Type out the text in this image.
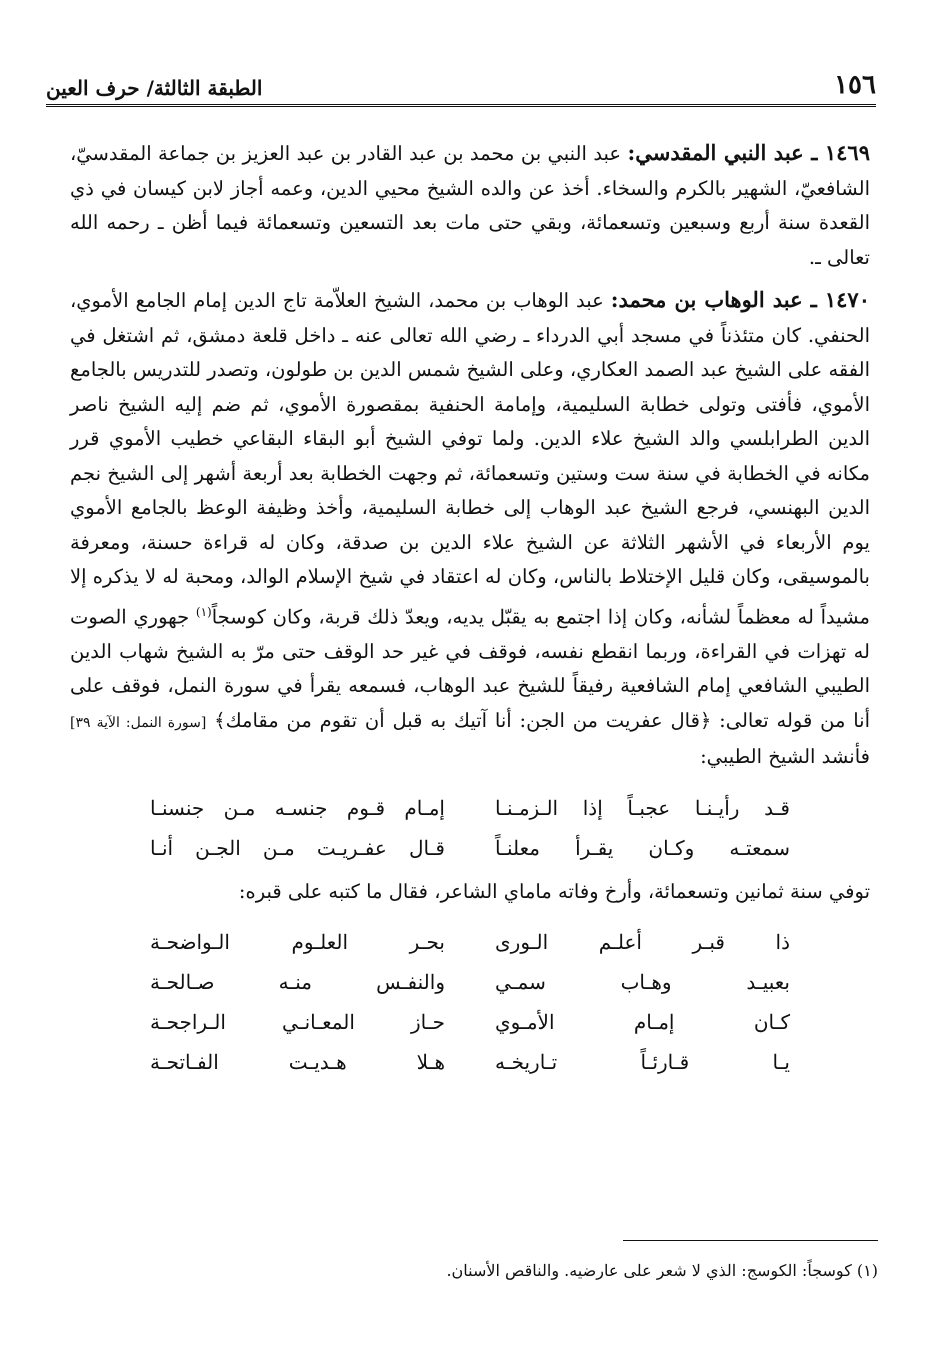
١٥٦
الطبقة الثالثة/ حرف العين

١٤٦٩ ـ عبد النبي المقدسي: عبد النبي بن محمد بن عبد القادر بن عبد العزيز بن جماعة المقدسيّ، الشافعيّ، الشهير بالكرم والسخاء. أخذ عن والده الشيخ محيي الدين، وعمه أجاز لابن كيسان في ذي القعدة سنة أربع وسبعين وتسعمائة، وبقي حتى مات بعد التسعين وتسعمائة فيما أظن ـ رحمه الله تعالى ـ.

١٤٧٠ ـ عبد الوهاب بن محمد: عبد الوهاب بن محمد، الشيخ العلاّمة تاج الدين إمام الجامع الأموي، الحنفي. كان متئذناً في مسجد أبي الدرداء ـ رضي الله تعالى عنه ـ داخل قلعة دمشق، ثم اشتغل في الفقه على الشيخ عبد الصمد العكاري، وعلى الشيخ شمس الدين بن طولون، وتصدر للتدريس بالجامع الأموي، فأفتى وتولى خطابة السليمية، وإمامة الحنفية بمقصورة الأموي، ثم ضم إليه الشيخ ناصر الدين الطرابلسي والد الشيخ علاء الدين. ولما توفي الشيخ أبو البقاء البقاعي خطيب الأموي قرر مكانه في الخطابة في سنة ست وستين وتسعمائة، ثم وجهت الخطابة بعد أربعة أشهر إلى الشيخ نجم الدين البهنسي، فرجع الشيخ عبد الوهاب إلى خطابة السليمية، وأخذ وظيفة الوعظ بالجامع الأموي يوم الأربعاء في الأشهر الثلاثة عن الشيخ علاء الدين بن صدقة، وكان له قراءة حسنة، ومعرفة بالموسيقى، وكان قليل الإختلاط بالناس، وكان له اعتقاد في شيخ الإسلام الوالد، ومحبة له لا يذكره إلا مشيداً له معظماً لشأنه، وكان إذا اجتمع به يقبّل يديه، ويعدّ ذلك قربة، وكان كوسجاً$^{(١)}$ جهوري الصوت له تهزات في القراءة، وربما انقطع نفسه، فوقف في غير حد الوقف حتى مرّ به الشيخ شهاب الدين الطيبي الشافعي إمام الشافعية رفيقاً للشيخ عبد الوهاب، فسمعه يقرأ في سورة النمل، فوقف على أنا من قوله تعالى: ﴿قال عفريت من الجن: أنا آتيك به قبل أن تقوم من مقامك﴾ [سورة النمل: الآية ٣٩] فأنشد الشيخ الطيبي:

قـد رأيـنـا عجبـاً إذا الـزمـنـا
إمـام قـوم جنسـه مـن جنسنـا
سمعتـه وكـان يقـرأ معلنـاً
قـال عفـريـت مـن الجـن أنـا

توفي سنة ثمانين وتسعمائة، وأرخ وفاته ماماي الشاعر، فقال ما كتبه على قبره:

ذا قبـر أعلـم الـورى
بحـر العلـوم الـواضحـة
بعبيـد وهـاب سمـي
والنفـس منـه صـالحـة
كـان إمـام الأمـوي
حـاز المعـانـي الـراجحـة
يـا قـارئـاً تـاريخـه
هـلا هـديـت الفـاتحـة
(١) كوسجاً: الكوسج: الذي لا شعر على عارضيه. والناقص الأسنان.
